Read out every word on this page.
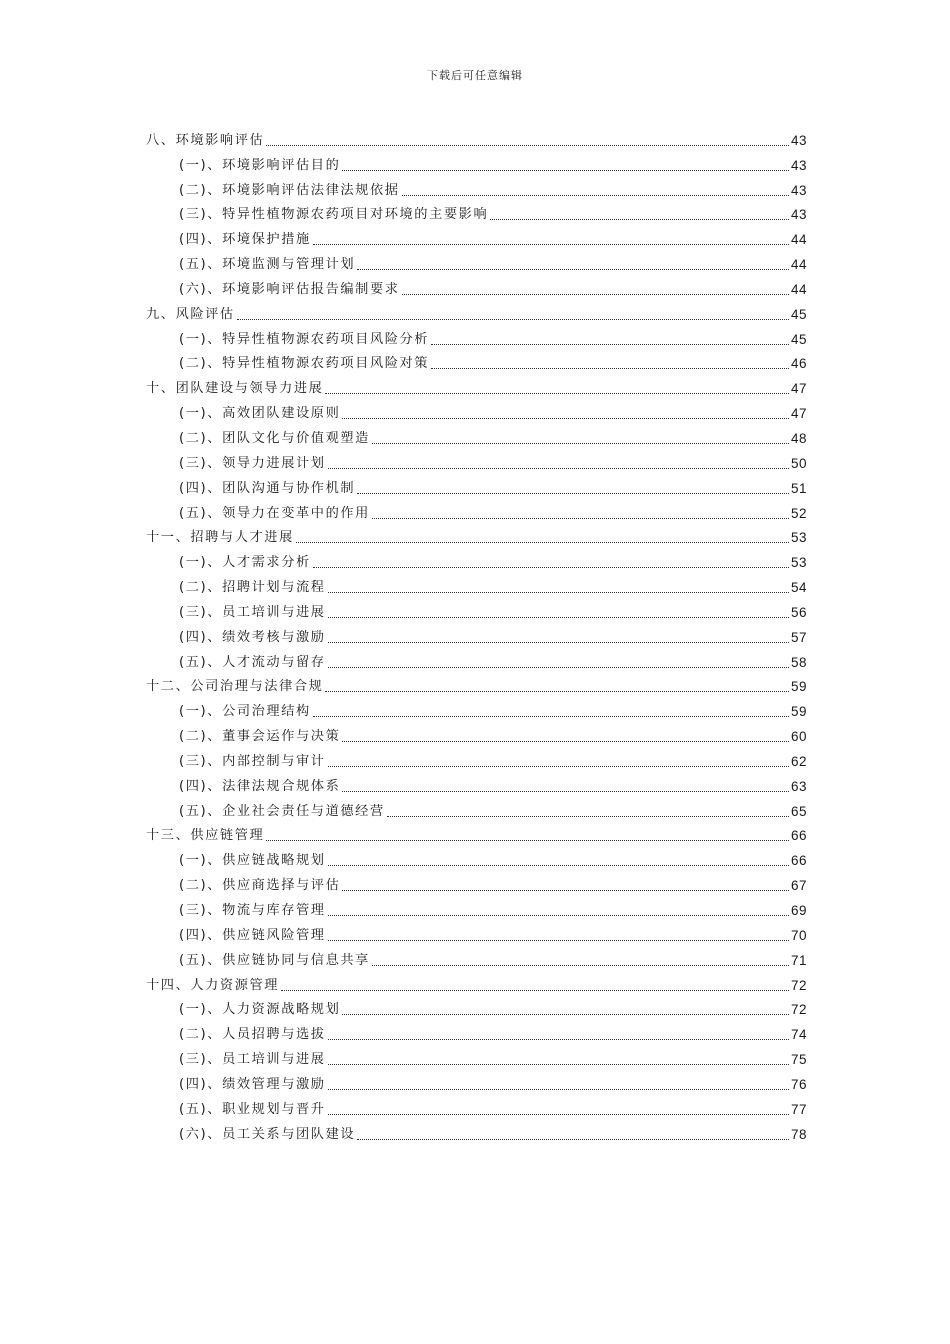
下载后可任意编辑
八、环境影响评估	43
(一)、环境影响评估目的	43
(二)、环境影响评估法律法规依据	43
(三)、特异性植物源农药项目对环境的主要影响	43
(四)、环境保护措施	44
(五)、环境监测与管理计划	44
(六)、环境影响评估报告编制要求	44
九、风险评估	45
(一)、特异性植物源农药项目风险分析	45
(二)、特异性植物源农药项目风险对策	46
十、团队建设与领导力进展	47
(一)、高效团队建设原则	47
(二)、团队文化与价值观塑造	48
(三)、领导力进展计划	50
(四)、团队沟通与协作机制	51
(五)、领导力在变革中的作用	52
十一、招聘与人才进展	53
(一)、人才需求分析	53
(二)、招聘计划与流程	54
(三)、员工培训与进展	56
(四)、绩效考核与激励	57
(五)、人才流动与留存	58
十二、公司治理与法律合规	59
(一)、公司治理结构	59
(二)、董事会运作与决策	60
(三)、内部控制与审计	62
(四)、法律法规合规体系	63
(五)、企业社会责任与道德经营	65
十三、供应链管理	66
(一)、供应链战略规划	66
(二)、供应商选择与评估	67
(三)、物流与库存管理	69
(四)、供应链风险管理	70
(五)、供应链协同与信息共享	71
十四、人力资源管理	72
(一)、人力资源战略规划	72
(二)、人员招聘与选拔	74
(三)、员工培训与进展	75
(四)、绩效管理与激励	76
(五)、职业规划与晋升	77
(六)、员工关系与团队建设	78
